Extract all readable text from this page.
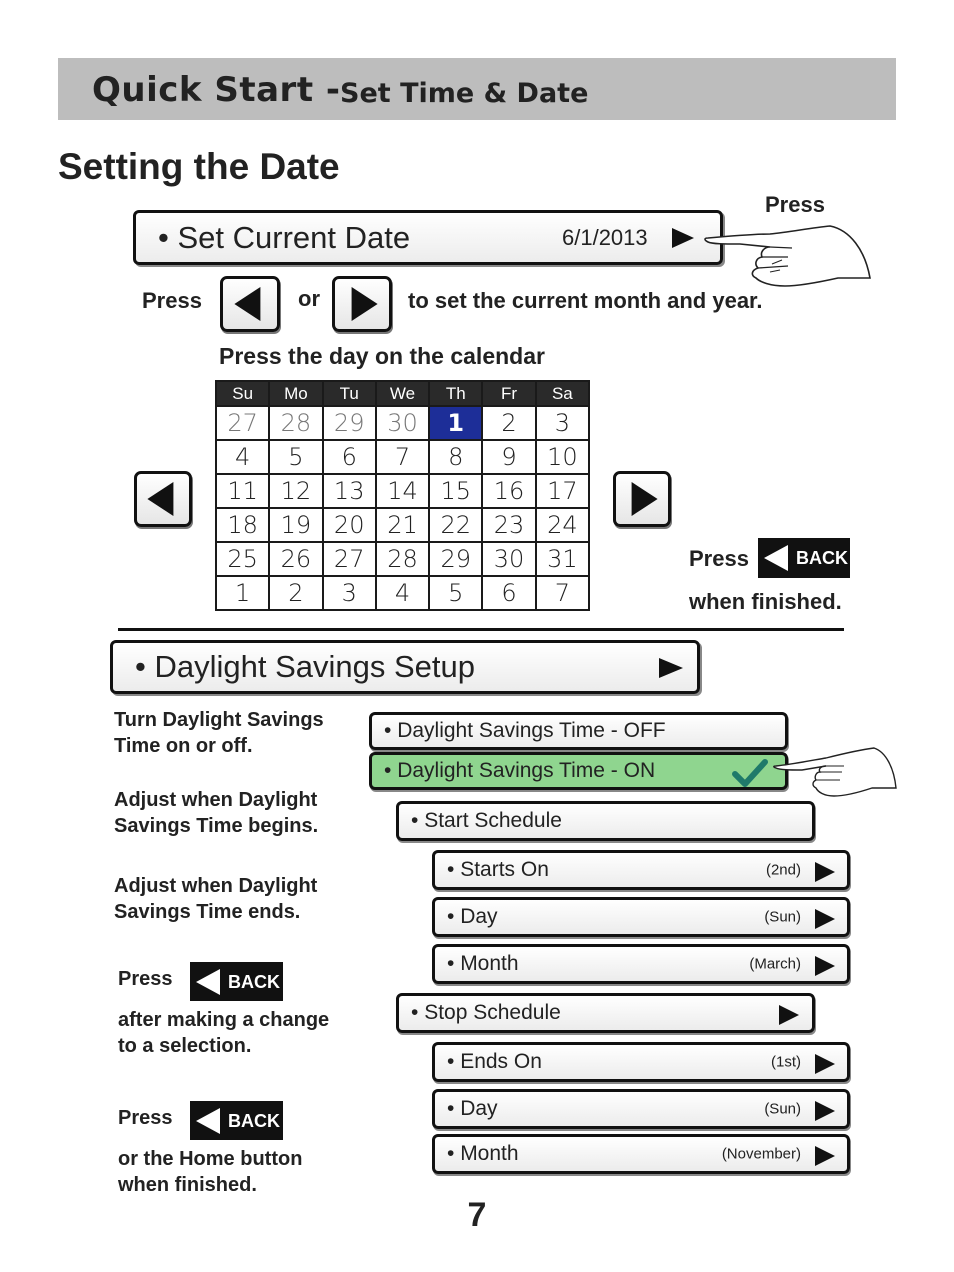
Quick Start - Set Time & Date
Setting the Date
Press
• Set Current Date	6/1/2013
Press	or	to set the current month and year.
Press the day on the calendar
Su	Mo	Tu	We	Th	Fr	Sa
27	28	29	30	1	2	3
4	5	6	7	8	9	10
11	12	13	14	15	16	17
18	19	20	21	22	23	24
25	26	27	28	29	30	31
1	2	3	4	5	6	7
Press	BACK
when finished.
• Daylight Savings Setup
Turn Daylight Savings
Time on or off.
Adjust when Daylight
Savings Time begins.
Adjust when Daylight
Savings Time ends.
• Daylight Savings Time - OFF
• Daylight Savings Time - ON
• Start Schedule
• Starts On	(2nd)
• Day	(Sun)
• Month	(March)
• Stop Schedule
• Ends On	(1st)
• Day	(Sun)
• Month	(November)
Press	BACK
after making a change
to a selection.
Press	BACK
or the Home button
when finished.
7
